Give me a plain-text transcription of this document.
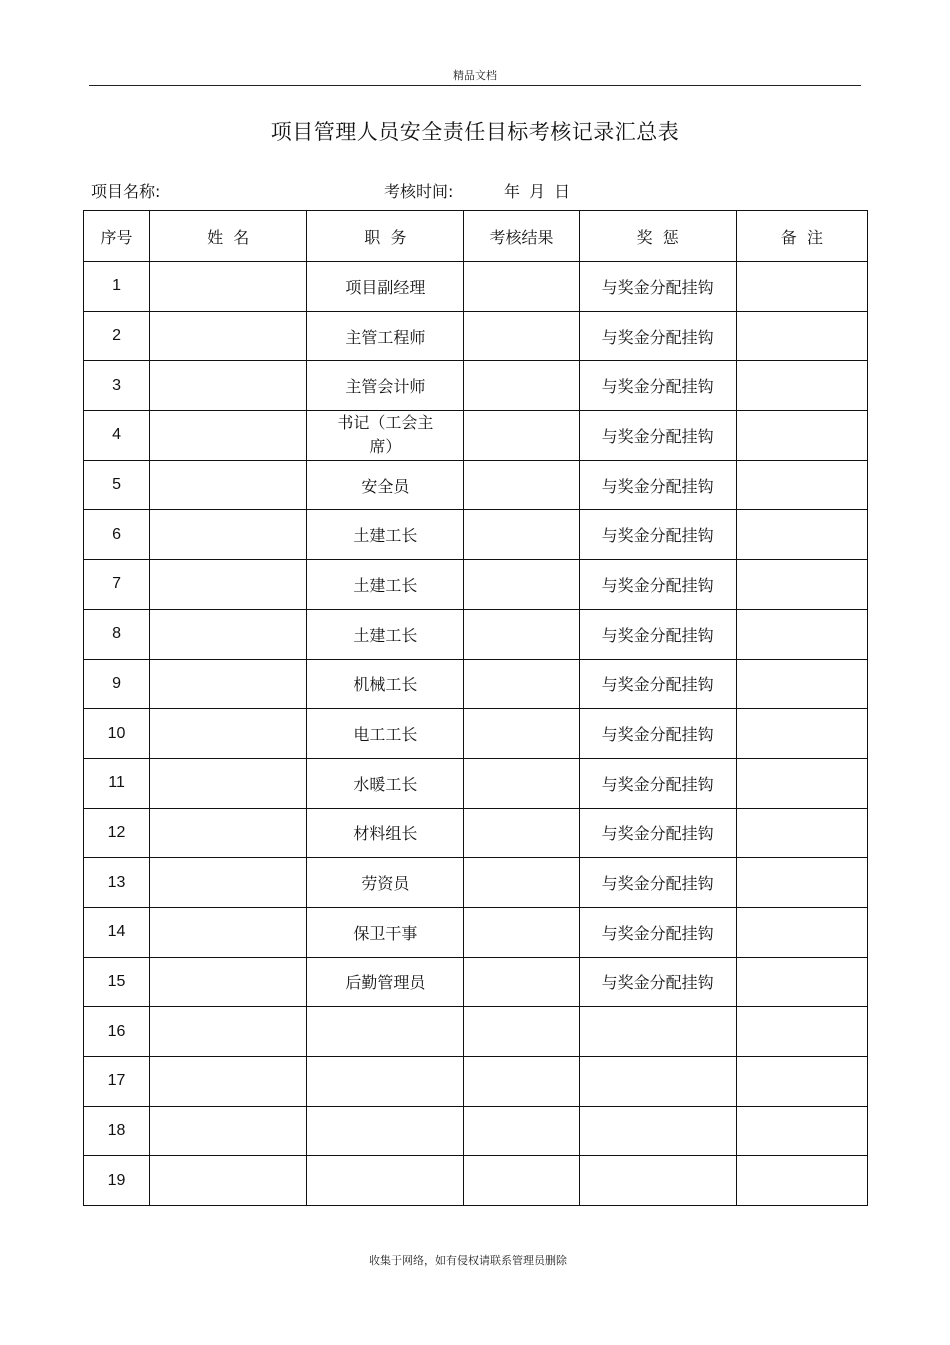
精品文档
项目管理人员安全责任目标考核记录汇总表
项目名称:	考核时间:	年 月 日
序号	姓  名	职  务	考核结果	奖  惩	备  注
1		项目副经理		与奖金分配挂钩	
2		主管工程师		与奖金分配挂钩	
3		主管会计师		与奖金分配挂钩	
4		书记（工会主席）		与奖金分配挂钩	
5		安全员		与奖金分配挂钩	
6		土建工长		与奖金分配挂钩	
7		土建工长		与奖金分配挂钩	
8		土建工长		与奖金分配挂钩	
9		机械工长		与奖金分配挂钩	
10		电工工长		与奖金分配挂钩	
11		水暖工长		与奖金分配挂钩	
12		材料组长		与奖金分配挂钩	
13		劳资员		与奖金分配挂钩	
14		保卫干事		与奖金分配挂钩	
15		后勤管理员		与奖金分配挂钩	
16					
17					
18					
19					
收集于网络，如有侵权请联系管理员删除
